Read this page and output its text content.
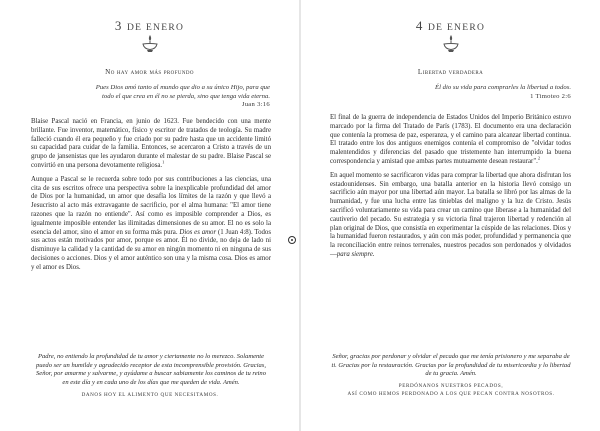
3 DE ENERO
No hay amor más profundo
Pues Dios amó tanto al mundo que dio a su único Hijo, para que
todo el que crea en él no se pierda, sino que tenga vida eterna.
Juan 3:16

Blaise Pascal nació en Francia, en junio de 1623. Fue bendecido con una mente brillante. Fue inventor, matemático, físico y escritor de tratados de teología. Su madre falleció cuando él era pequeño y fue criado por su padre hasta que un accidente limitó su capacidad para cuidar de la familia. Entonces, se acercaron a Cristo a través de un grupo de jansenistas que les ayudaron durante el malestar de su padre. Blaise Pascal se convirtió en una persona devotamente religiosa.$^1$

Aunque a Pascal se le recuerda sobre todo por sus contribuciones a las ciencias, una cita de sus escritos ofrece una perspectiva sobre la inexplicable profundidad del amor de Dios por la humanidad, un amor que desafía los límites de la razón y que llevó a Jesucristo al acto más extravagante de sacrificio, por el alma humana: "El amor tiene razones que la razón no entiende". Así como es imposible comprender a Dios, es igualmente imposible entender las ilimitadas dimensiones de su amor. El no es solo la esencia del amor, sino el amor en su forma más pura. Dios es amor (1 Juan 4:8). Todos sus actos están motivados por amor, porque es amor. Él no divide, no deja de lado ni disminuye la calidad y la cantidad de su amor en ningún momento ni en ninguna de sus decisiones o acciones. Dios y el amor auténtico son una y la misma cosa. Dios es amor y el amor es Dios.

Padre, no entiendo la profundidad de tu amor y ciertamente no lo merezco. Solamente puedo ser un humilde y agradecido receptor de esta incomprensible provisión. Gracias, Señor, por amarme y salvarme, y ayúdame a buscar sabiamente los caminos de tu reino en este día y en cada uno de los días que me queden de vida. Amén.
DANOS HOY EL ALIMENTO QUE NECESITAMOS.
4 DE ENERO
Libertad verdadera
Él dio su vida para comprarles la libertad a todos.
1 Timoteo 2:6

El final de la guerra de independencia de Estados Unidos del Imperio Británico estuvo marcado por la firma del Tratado de París (1783). El documento era una declaración que contenía la promesa de paz, esperanza, y el camino para alcanzar libertad continua. El tratado entre los dos antiguos enemigos contenía el compromiso de "olvidar todos malentendidos y diferencias del pasado que tristemente han interrumpido la buena correspondencia y amistad que ambas partes mutuamente desean restaurar".$^2$

En aquel momento se sacrificaron vidas para comprar la libertad que ahora disfrutan los estadounidenses. Sin embargo, una batalla anterior en la historia llevó consigo un sacrificio aún mayor por una libertad aún mayor. La batalla se libró por las almas de la humanidad, y fue una lucha entre las tinieblas del maligno y la luz de Cristo. Jesús sacrificó voluntariamente su vida para crear un camino que liberase a la humanidad del cautiverio del pecado. Su estrategia y su victoria final trajeron libertad y redención al plan original de Dios, que consistía en experimentar la cúspide de las relaciones. Dios y la humanidad fueron restaurados, y aún con más poder, profundidad y permanencia que la reconciliación entre reinos terrenales, nuestros pecados son perdonados y olvidados —para siempre.

Señor, gracias por perdonar y olvidar el pecado que me tenía prisionero y me separaba de ti. Gracias por la restauración. Gracias por la profundidad de tu misericordia y lo libertad de tu gracia. Amén.
PERDÓNANOS NUESTROS PECADOS,
ASÍ COMO HEMOS PERDONADO A LOS QUE PECAN CONTRA NOSOTROS.
